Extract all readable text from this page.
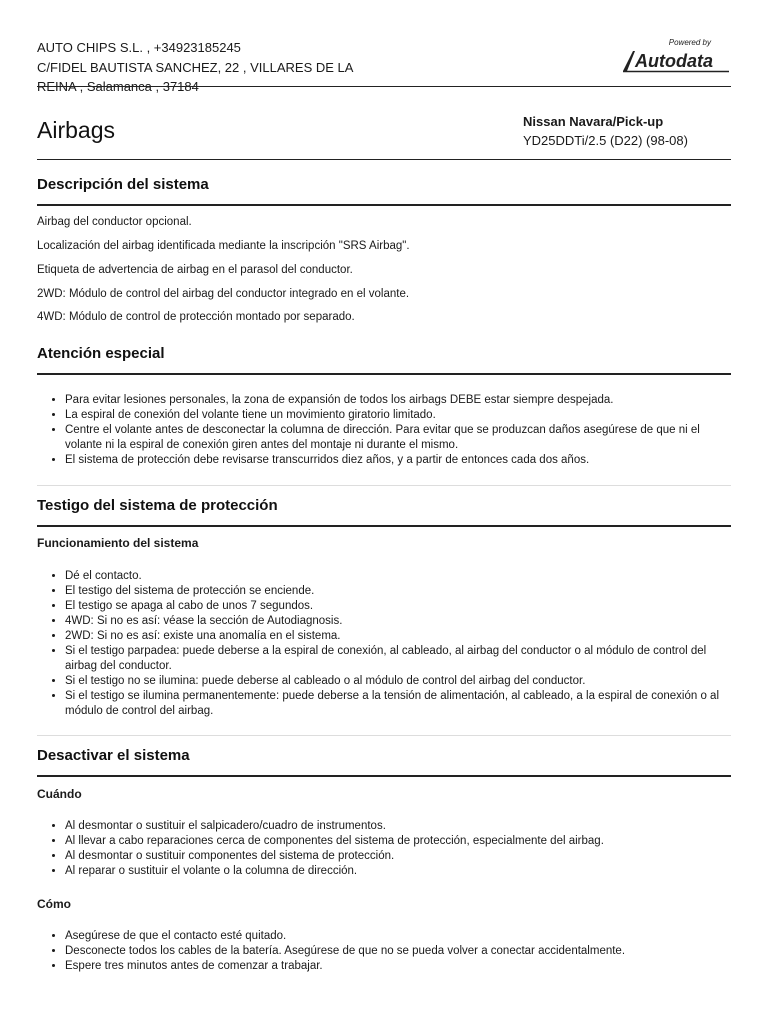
AUTO CHIPS S.L. , +34923185245
C/FIDEL BAUTISTA SANCHEZ, 22 , VILLARES DE LA
REINA , Salamanca , 37184
Powered by
Autodata
Airbags	Nissan Navara/Pick-up
YD25DDTi/2.5 (D22) (98-08)
Descripción del sistema

Airbag del conductor opcional.

Localización del airbag identificada mediante la inscripción "SRS Airbag".

Etiqueta de advertencia de airbag en el parasol del conductor.

2WD: Módulo de control del airbag del conductor integrado en el volante.

4WD: Módulo de control de protección montado por separado.

Atención especial
• Para evitar lesiones personales, la zona de expansión de todos los airbags DEBE estar siempre despejada.
• La espiral de conexión del volante tiene un movimiento giratorio limitado.
• Centre el volante antes de desconectar la columna de dirección. Para evitar que se produzcan daños asegúrese de que ni el volante ni la espiral de conexión giren antes del montaje ni durante el mismo.
• El sistema de protección debe revisarse transcurridos diez años, y a partir de entonces cada dos años.
Testigo del sistema de protección

Funcionamiento del sistema

• Dé el contacto.
• El testigo del sistema de protección se enciende.
• El testigo se apaga al cabo de unos 7 segundos.
• 4WD: Si no es así: véase la sección de Autodiagnosis.
• 2WD: Si no es así: existe una anomalía en el sistema.
• Si el testigo parpadea: puede deberse a la espiral de conexión, al cableado, al airbag del conductor o al módulo de control del airbag del conductor.
• Si el testigo no se ilumina: puede deberse al cableado o al módulo de control del airbag del conductor.
• Si el testigo se ilumina permanentemente: puede deberse a la tensión de alimentación, al cableado, a la espiral de conexión o al módulo de control del airbag.
Desactivar el sistema

Cuándo

• Al desmontar o sustituir el salpicadero/cuadro de instrumentos.
• Al llevar a cabo reparaciones cerca de componentes del sistema de protección, especialmente del airbag.
• Al desmontar o sustituir componentes del sistema de protección.
• Al reparar o sustituir el volante o la columna de dirección.

Cómo

• Asegúrese de que el contacto esté quitado.
• Desconecte todos los cables de la batería. Asegúrese de que no se pueda volver a conectar accidentalmente.
• Espere tres minutos antes de comenzar a trabajar.
